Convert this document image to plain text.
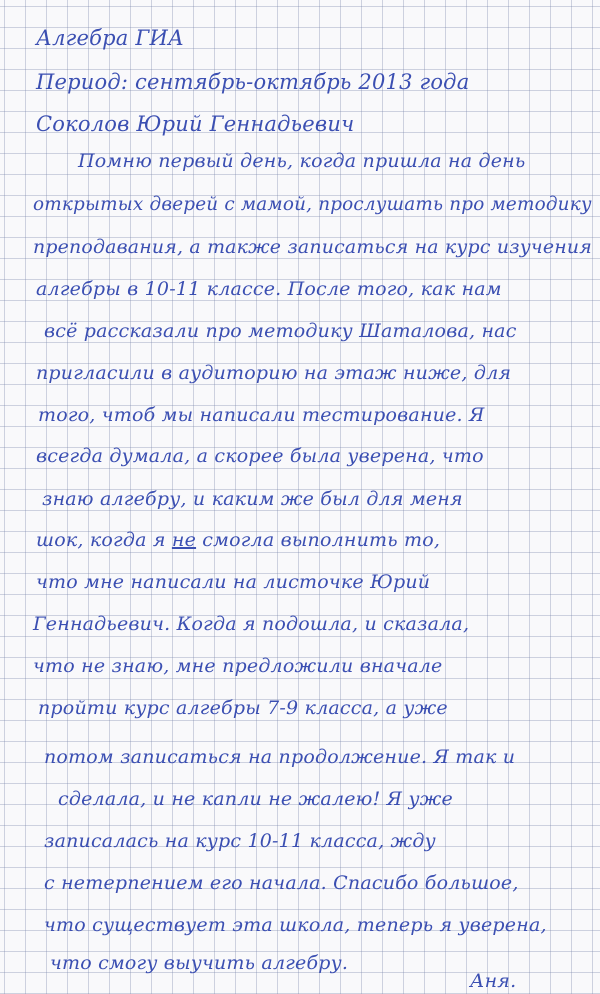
Алгебра ГИА
Период: сентябрь-октябрь 2013 года
Соколов Юрий Геннадьевич
Помню первый день, когда пришла на день
открытых дверей с мамой, прослушать про методику
преподавания, а также записаться на курс изучения
алгебры в 10-11 классе. После того, как нам
всё рассказали про методику Шаталова, нас
пригласили в аудиторию на этаж ниже, для
того, чтоб мы написали тестирование. Я
всегда думала, а скорее была уверена, что
знаю алгебру, и каким же был для меня
шок, когда я не смогла выполнить то,
что мне написали на листочке Юрий
Геннадьевич. Когда я подошла, и сказала,
что не знаю, мне предложили вначале
пройти курс алгебры 7-9 класса, а уже
потом записаться на продолжение. Я так и
сделала, и не капли не жалею! Я уже
записалась на курс 10-11 класса, жду
с нетерпением его начала. Спасибо большое,
что существует эта школа, теперь я уверена,
что смогу выучить алгебру.
Аня.
